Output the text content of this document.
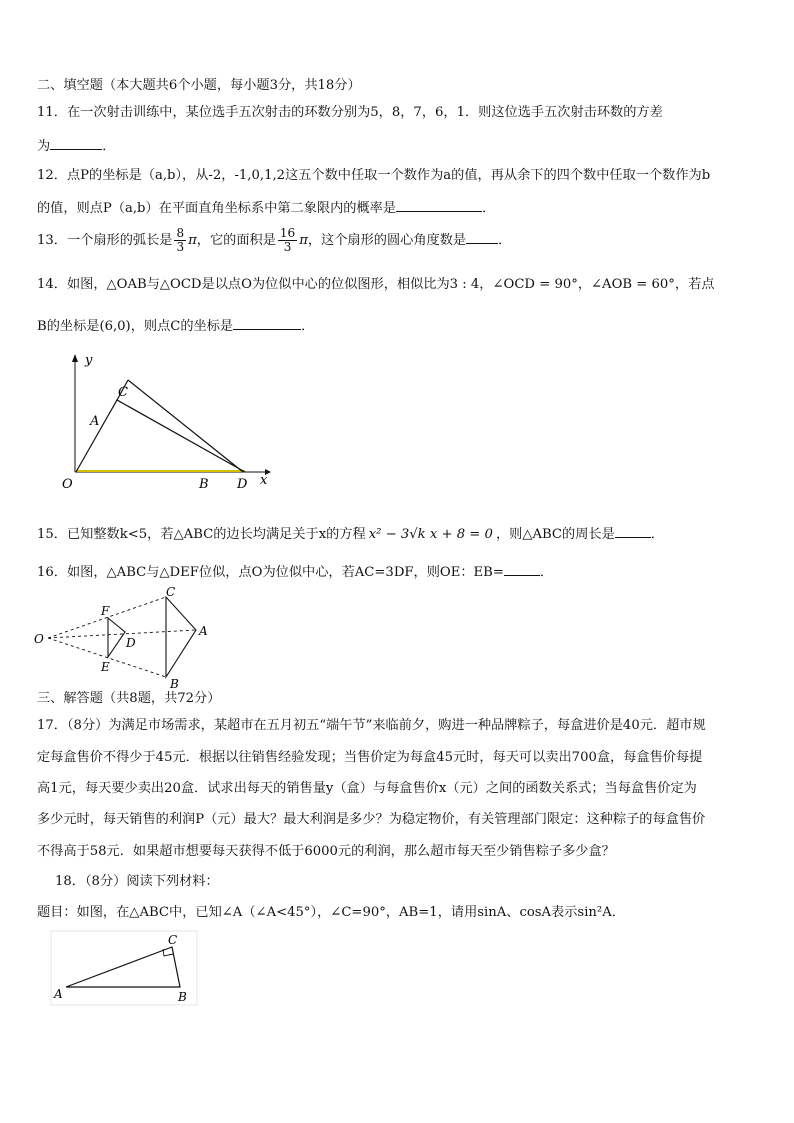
二、填空题（本大题共6个小题，每小题3分，共18分）
11．在一次射击训练中，某位选手五次射击的环数分别为5，8，7，6，1．则这位选手五次射击环数的方差
为	．
12．点P的坐标是（a,b），从-2，-1,0,1,2这五个数中任取一个数作为a的值，再从余下的四个数中任取一个数作为b
的值，则点P（a,b）在平面直角坐标系中第二象限内的概率是	．
13．一个扇形的弧长是 $\frac{8}{3}$ π，它的面积是 $\frac{16}{3}$ π，这个扇形的圆心角度数是 ．
14．如图，△OAB与△OCD是以点O为位似中心的位似图形，相似比为3 : 4，∠OCD = 90°，∠AOB = 60°，若点
B的坐标是(6,0)，则点C的坐标是	．
y
x
O
A
C
B D
15．已知整数k<5，若△ABC的边长均满足关于x的方程 x² − 3√k x + 8 = 0 ，则△ABC的周长是	．
16．如图，△ABC与△DEF位似，点O为位似中心，若AC=3DF，则OE：EB=	．
O
F
D
E
C
A
B
三、解答题（共8题，共72分）
17．（8分）为满足市场需求，某超市在五月初五“端午节”来临前夕，购进一种品牌粽子，每盒进价是40元．超市规
定每盒售价不得少于45元．根据以往销售经验发现；当售价定为每盒45元时，每天可以卖出700盒，每盒售价每提
高1元，每天要少卖出20盒．试求出每天的销售量y（盒）与每盒售价x（元）之间的函数关系式；当每盒售价定为
多少元时，每天销售的利润P（元）最大？最大利润是多少？为稳定物价，有关管理部门限定：这种粽子的每盒售价
不得高于58元．如果超市想要每天获得不低于6000元的利润，那么超市每天至少销售粽子多少盒？
18．（8分）阅读下列材料：
题目：如图，在△ABC中，已知∠A（∠A<45°），∠C=90°，AB=1，请用sinA、cosA表示sin²A．
A	B
C
